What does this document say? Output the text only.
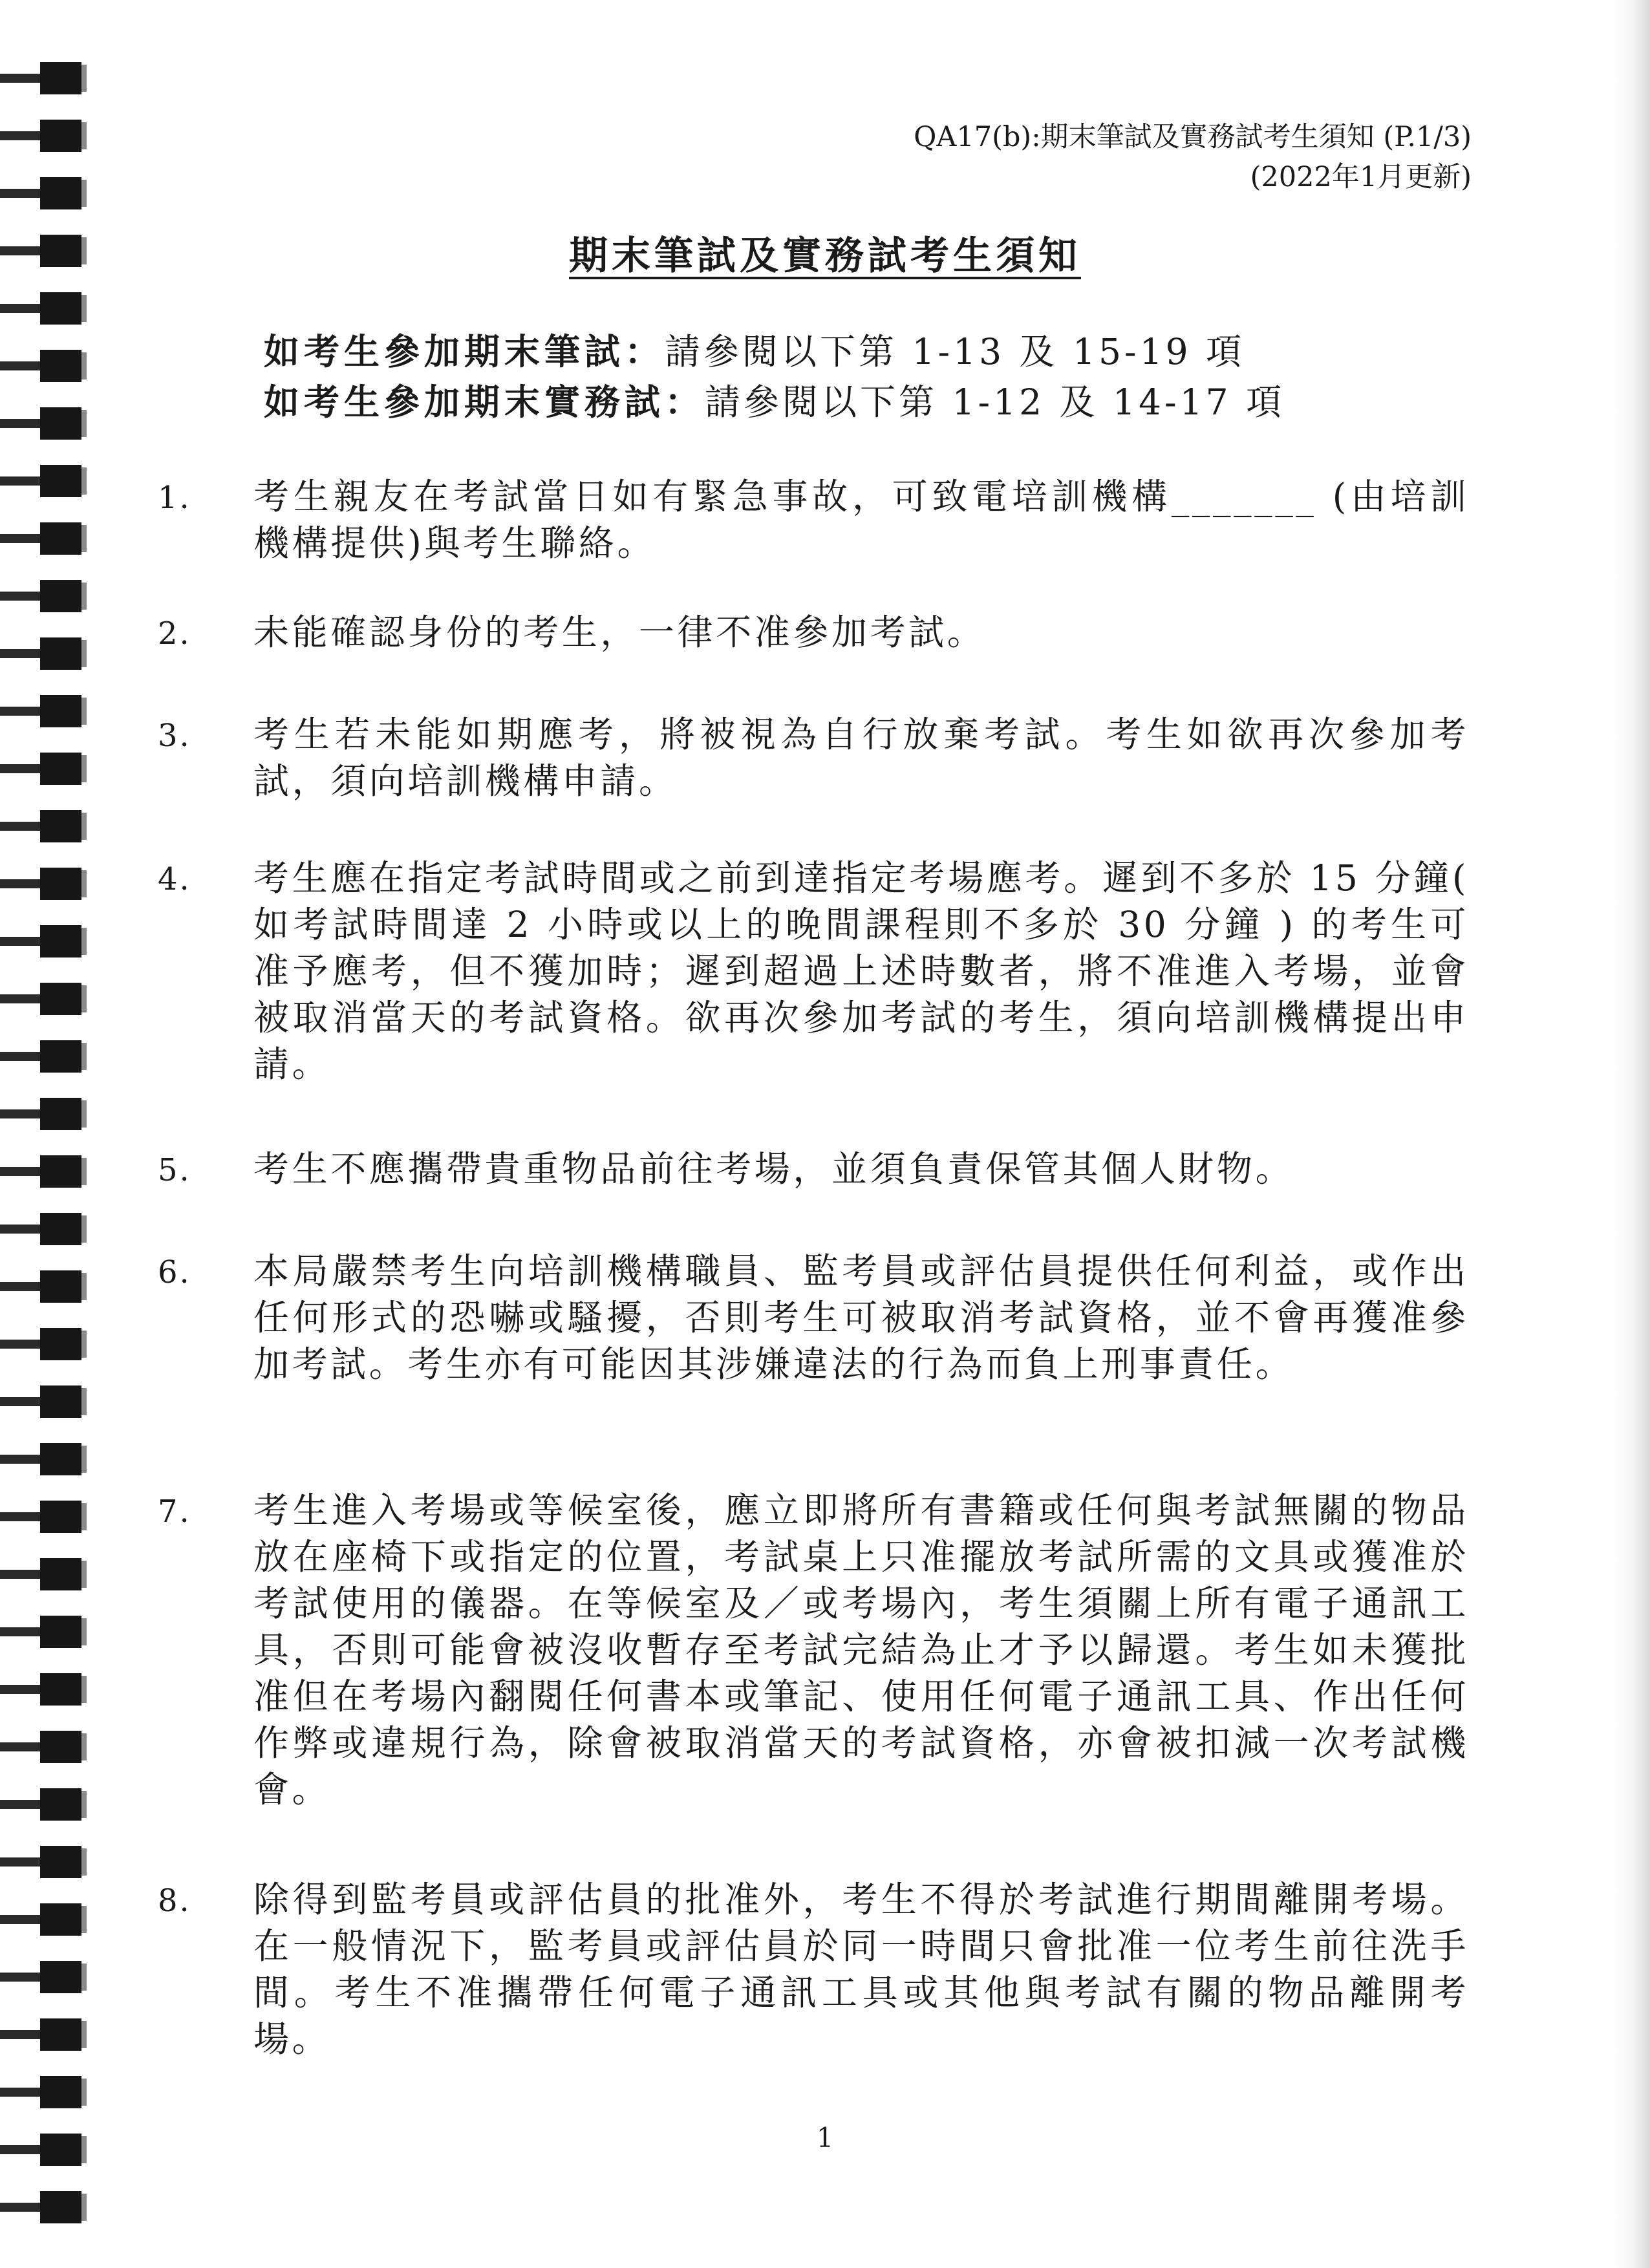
QA17(b):期末筆試及實務試考生須知 (P.1/3)
(2022年1月更新)
期末筆試及實務試考生須知
如考生參加期末筆試：請參閱以下第 1-13 及 15-19 項
如考生參加期末實務試：請參閱以下第 1-12 及 14-17 項
1. 考生親友在考試當日如有緊急事故，可致電培訓機構_______ (由培訓機構提供)與考生聯絡。
2. 未能確認身份的考生，一律不准參加考試。
3. 考生若未能如期應考，將被視為自行放棄考試。考生如欲再次參加考試，須向培訓機構申請。
4. 考生應在指定考試時間或之前到達指定考場應考。遲到不多於 15 分鐘( 如考試時間達 2 小時或以上的晚間課程則不多於 30 分鐘 ) 的考生可准予應考，但不獲加時；遲到超過上述時數者，將不准進入考場，並會被取消當天的考試資格。欲再次參加考試的考生，須向培訓機構提出申請。
5. 考生不應攜帶貴重物品前往考場，並須負責保管其個人財物。
6. 本局嚴禁考生向培訓機構職員、監考員或評估員提供任何利益，或作出任何形式的恐嚇或騷擾，否則考生可被取消考試資格，並不會再獲准參加考試。考生亦有可能因其涉嫌違法的行為而負上刑事責任。
7. 考生進入考場或等候室後，應立即將所有書籍或任何與考試無關的物品放在座椅下或指定的位置，考試桌上只准擺放考試所需的文具或獲准於考試使用的儀器。在等候室及／或考場內，考生須關上所有電子通訊工具，否則可能會被沒收暫存至考試完結為止才予以歸還。考生如未獲批准但在考場內翻閱任何書本或筆記、使用任何電子通訊工具、作出任何作弊或違規行為，除會被取消當天的考試資格，亦會被扣減一次考試機會。
8. 除得到監考員或評估員的批准外，考生不得於考試進行期間離開考場。在一般情況下，監考員或評估員於同一時間只會批准一位考生前往洗手間。考生不准攜帶任何電子通訊工具或其他與考試有關的物品離開考場。
1
